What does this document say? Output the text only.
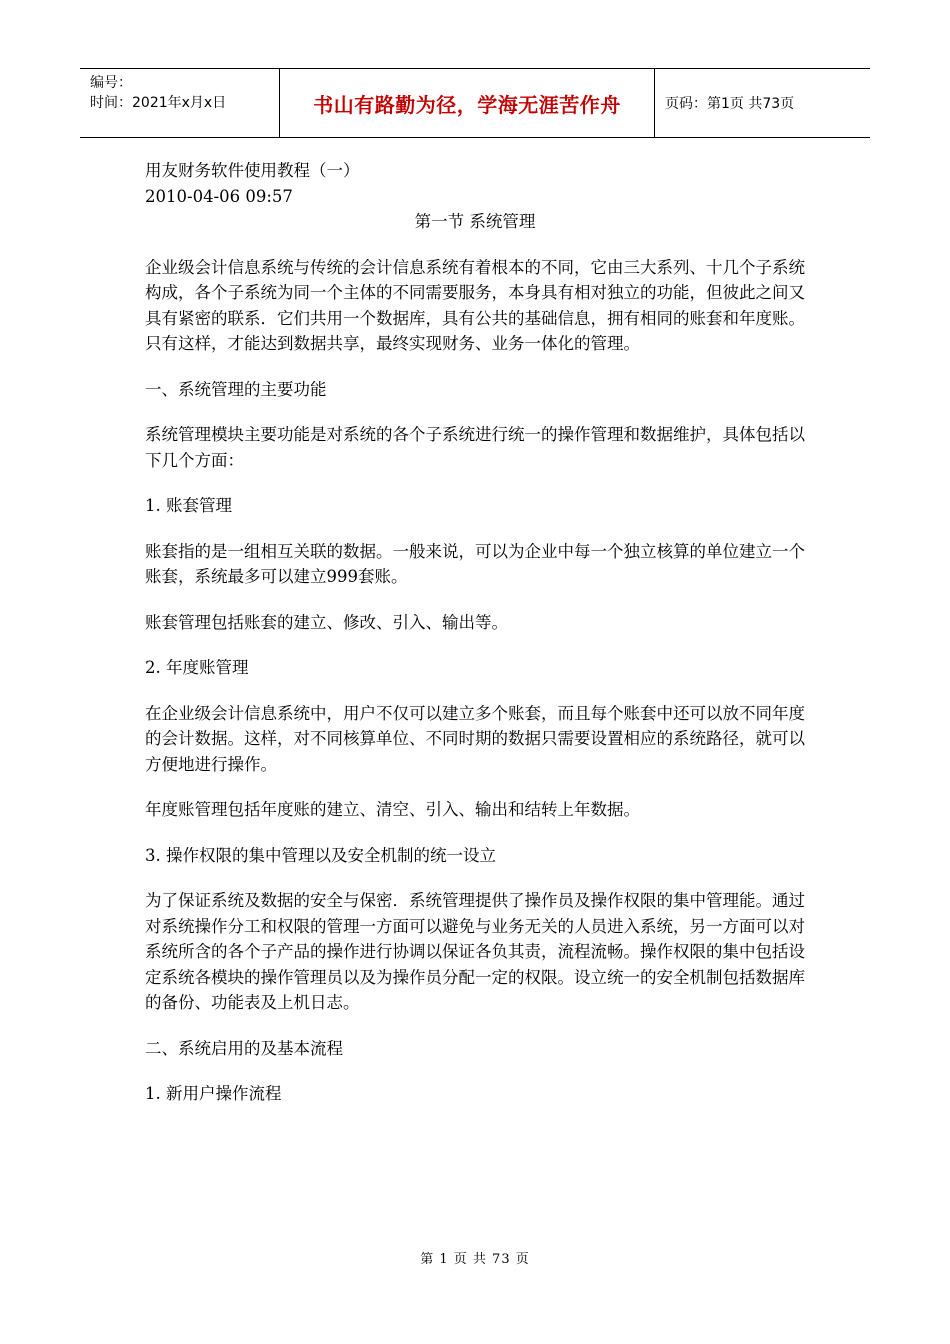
编号：
时间：2021年x月x日	书山有路勤为径，学海无涯苦作舟	页码：第1页 共73页

用友财务软件使用教程（一）

2010-04-06 09:57

第一节 系统管理

企业级会计信息系统与传统的会计信息系统有着根本的不同，它由三大系列、十几个子系统构成，各个子系统为同一个主体的不同需要服务，本身具有相对独立的功能，但彼此之间又具有紧密的联系．它们共用一个数据库，具有公共的基础信息，拥有相同的账套和年度账。只有这样，才能达到数据共享，最终实现财务、业务一体化的管理。

一、系统管理的主要功能

系统管理模块主要功能是对系统的各个子系统进行统一的操作管理和数据维护，具体包括以下几个方面：

1. 账套管理

账套指的是一组相互关联的数据。一般来说，可以为企业中每一个独立核算的单位建立一个账套，系统最多可以建立999套账。

账套管理包括账套的建立、修改、引入、输出等。

2. 年度账管理

在企业级会计信息系统中，用户不仅可以建立多个账套，而且每个账套中还可以放不同年度的会计数据。这样，对不同核算单位、不同时期的数据只需要设置相应的系统路径，就可以方便地进行操作。

年度账管理包括年度账的建立、清空、引入、输出和结转上年数据。

3. 操作权限的集中管理以及安全机制的统一设立

为了保证系统及数据的安全与保密．系统管理提供了操作员及操作权限的集中管理能。通过对系统操作分工和权限的管理一方面可以避免与业务无关的人员进入系统，另一方面可以对系统所含的各个子产品的操作进行协调以保证各负其责，流程流畅。操作权限的集中包括设定系统各模块的操作管理员以及为操作员分配一定的权限。设立统一的安全机制包括数据库的备份、功能表及上机日志。

二、系统启用的及基本流程

1. 新用户操作流程

第 1 页 共 73 页
